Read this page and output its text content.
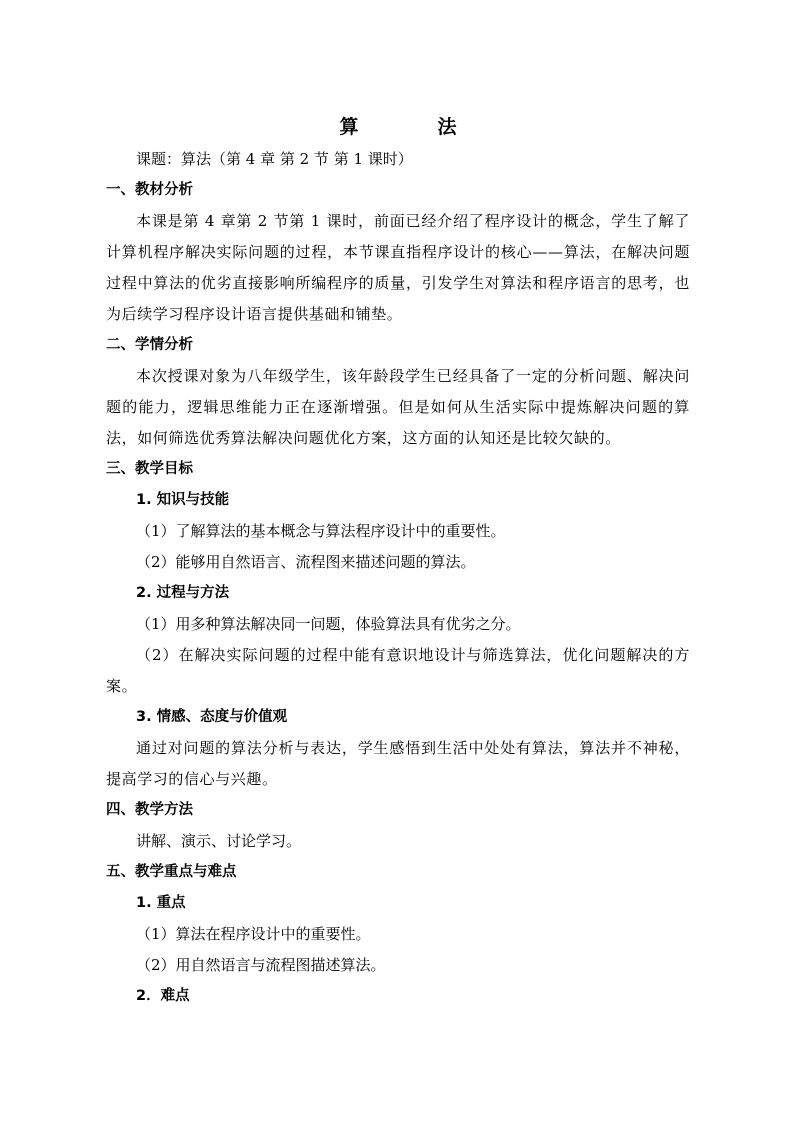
算　法
课题：算法（第 4 章 第 2 节 第 1 课时）
一、教材分析
本课是第 4 章第 2 节第 1 课时，前面已经介绍了程序设计的概念，学生了解了计算机程序解决实际问题的过程，本节课直指程序设计的核心——算法，在解决问题过程中算法的优劣直接影响所编程序的质量，引发学生对算法和程序语言的思考，也为后续学习程序设计语言提供基础和铺垫。
二、学情分析
本次授课对象为八年级学生，该年龄段学生已经具备了一定的分析问题、解决问题的能力，逻辑思维能力正在逐渐增强。但是如何从生活实际中提炼解决问题的算法，如何筛选优秀算法解决问题优化方案，这方面的认知还是比较欠缺的。
三、教学目标
1. 知识与技能
（1）了解算法的基本概念与算法程序设计中的重要性。
（2）能够用自然语言、流程图来描述问题的算法。
2. 过程与方法
（1）用多种算法解决同一问题，体验算法具有优劣之分。
（2）在解决实际问题的过程中能有意识地设计与筛选算法，优化问题解决的方案。
3. 情感、态度与价值观
通过对问题的算法分析与表达，学生感悟到生活中处处有算法，算法并不神秘，提高学习的信心与兴趣。
四、教学方法
讲解、演示、讨论学习。
五、教学重点与难点
1. 重点
（1）算法在程序设计中的重要性。
（2）用自然语言与流程图描述算法。
2．难点
